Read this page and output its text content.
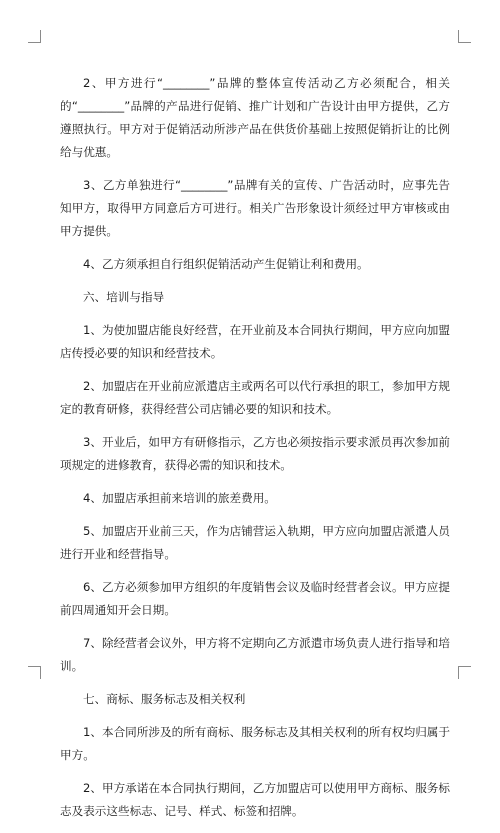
2、甲方进行“________”品牌的整体宣传活动乙方必须配合，相关的“________”品牌的产品进行促销、推广计划和广告设计由甲方提供，乙方遵照执行。甲方对于促销活动所涉产品在供货价基础上按照促销折让的比例给与优惠。

3、乙方单独进行“________”品牌有关的宣传、广告活动时，应事先告知甲方，取得甲方同意后方可进行。相关广告形象设计须经过甲方审核或由甲方提供。

4、乙方须承担自行组织促销活动产生促销让利和费用。

六、培训与指导

1、为使加盟店能良好经营，在开业前及本合同执行期间，甲方应向加盟店传授必要的知识和经营技术。

2、加盟店在开业前应派遣店主或两名可以代行承担的职工，参加甲方规定的教育研修，获得经营公司店铺必要的知识和技术。

3、开业后，如甲方有研修指示，乙方也必须按指示要求派员再次参加前项规定的进修教育，获得必需的知识和技术。

4、加盟店承担前来培训的旅差费用。

5、加盟店开业前三天，作为店铺营运入轨期，甲方应向加盟店派遣人员进行开业和经营指导。

6、乙方必须参加甲方组织的年度销售会议及临时经营者会议。甲方应提前四周通知开会日期。

7、除经营者会议外，甲方将不定期向乙方派遣市场负责人进行指导和培训。

七、商标、服务标志及相关权利

1、本合同所涉及的所有商标、服务标志及其相关权利的所有权均归属于甲方。

2、甲方承诺在本合同执行期间，乙方加盟店可以使用甲方商标、服务标志及表示这些标志、记号、样式、标签和招牌。
